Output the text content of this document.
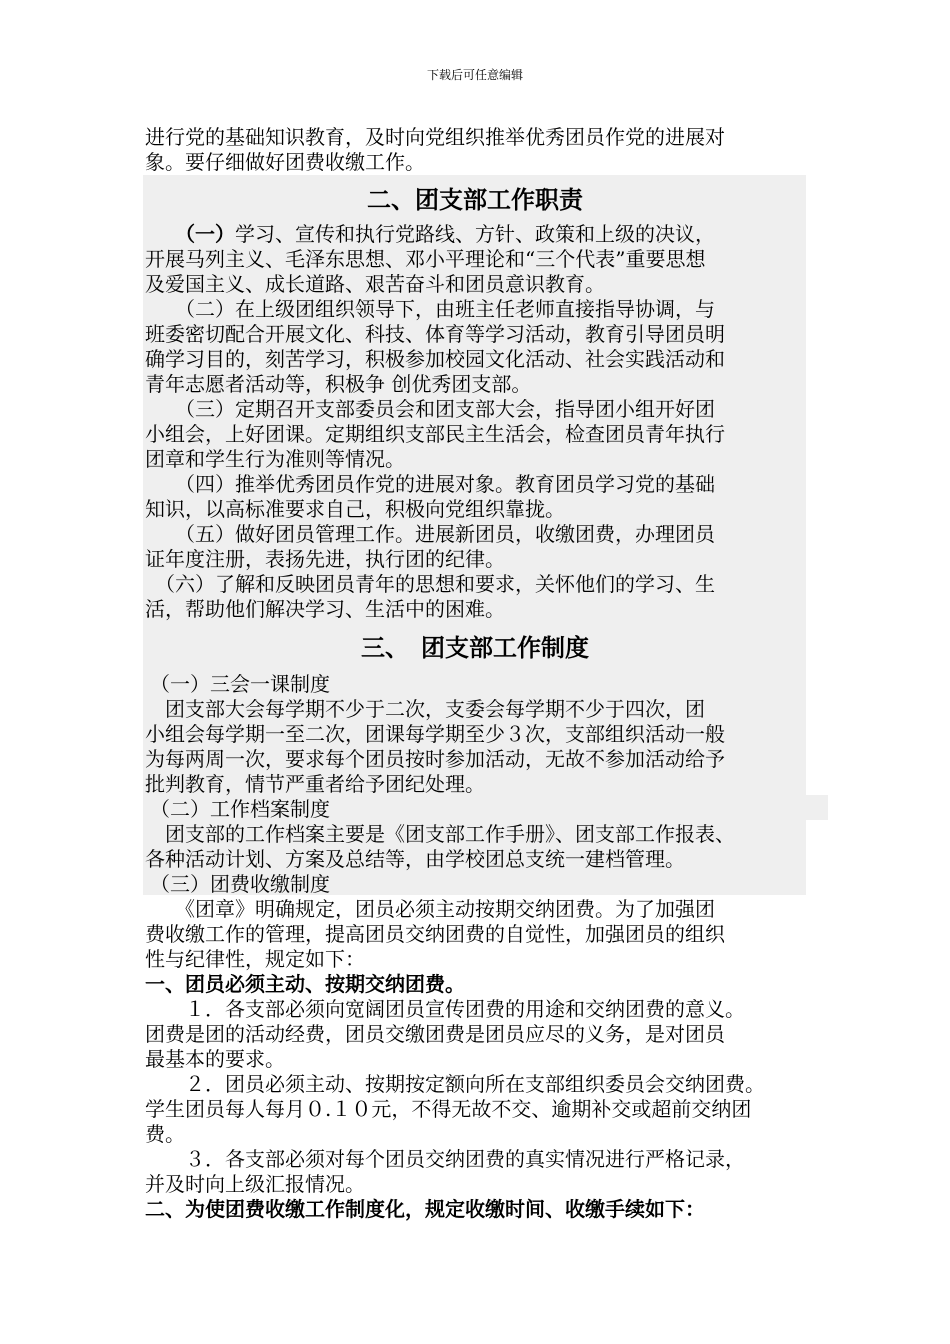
下载后可任意编辑
进行党的基础知识教育，及时向党组织推举优秀团员作党的进展对
象。要仔细做好团费收缴工作。
二、团支部工作职责
　　（一）学习、宣传和执行党路线、方针、政策和上级的决议，
开展马列主义、毛泽东思想、邓小平理论和“三个代表”重要思想
及爱国主义、成长道路、艰苦奋斗和团员意识教育。
　　（二）在上级团组织领导下，由班主任老师直接指导协调，与
班委密切配合开展文化、科技、体育等学习活动，教育引导团员明
确学习目的，刻苦学习，积极参加校园文化活动、社会实践活动和
青年志愿者活动等，积极争 创优秀团支部。
　　（三）定期召开支部委员会和团支部大会，指导团小组开好团
小组会，上好团课。定期组织支部民主生活会，检查团员青年执行
团章和学生行为准则等情况。
　　（四）推举优秀团员作党的进展对象。教育团员学习党的基础
知识，以高标准要求自己，积极向党组织靠拢。
　　（五）做好团员管理工作。进展新团员，收缴团费，办理团员
证年度注册，表扬先进，执行团的纪律。
　（六）了解和反映团员青年的思想和要求，关怀他们的学习、生
活，帮助他们解决学习、生活中的困难。
三、　团支部工作制度
（一）三会一课制度
　团支部大会每学期不少于二次，支委会每学期不少于四次，团
小组会每学期一至二次，团课每学期至少３次，支部组织活动一般
为每两周一次，要求每个团员按时参加活动，无故不参加活动给予
批判教育，情节严重者给予团纪处理。
（二）工作档案制度
　团支部的工作档案主要是《团支部工作手册》、团支部工作报表、
各种活动计划、方案及总结等，由学校团总支统一建档管理。
（三）团费收缴制度
　　《团章》明确规定，团员必须主动按期交纳团费。为了加强团
费收缴工作的管理，提高团员交纳团费的自觉性，加强团员的组织
性与纪律性，规定如下：
一、团员必须主动、按期交纳团费。
　　１．各支部必须向宽阔团员宣传团费的用途和交纳团费的意义。
团费是团的活动经费，团员交缴团费是团员应尽的义务，是对团员
最基本的要求。
　　２．团员必须主动、按期按定额向所在支部组织委员会交纳团费。
学生团员每人每月０.１０元，不得无故不交、逾期补交或超前交纳团
费。
　　３．各支部必须对每个团员交纳团费的真实情况进行严格记录，
并及时向上级汇报情况。
二、为使团费收缴工作制度化，规定收缴时间、收缴手续如下：
